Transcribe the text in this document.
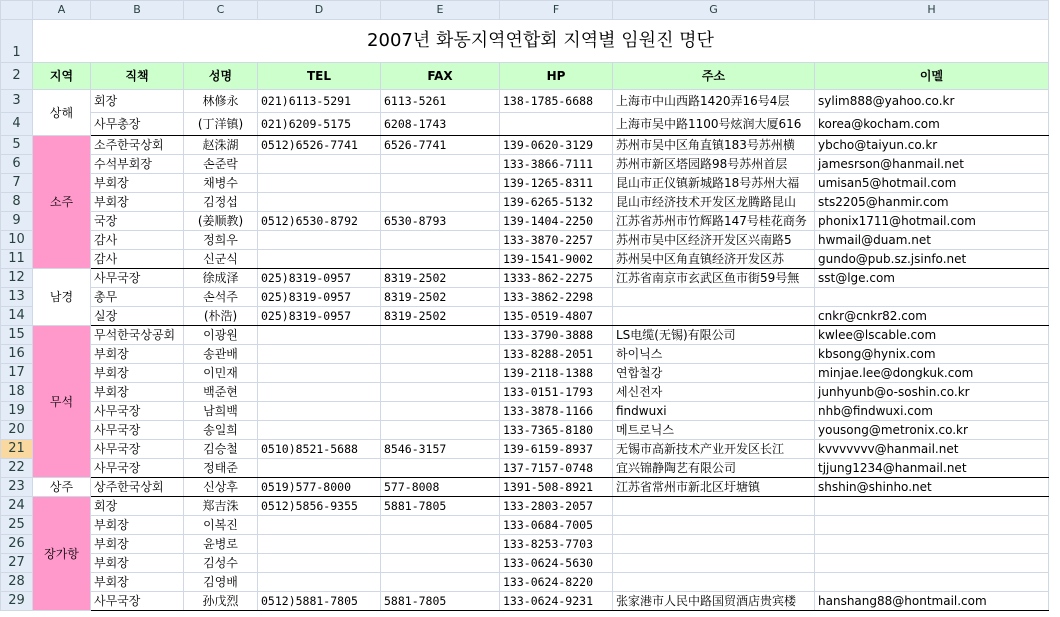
	A	B	C	D	E	F	G	H
1	2007년 화동지역연합회 지역별 임원진 명단							
2	지역	직책	성명	TEL	FAX	HP	주소	이멜
3	상해	회장	林修永	021)6113-5291	6113-5261	138-1785-6688	上海市中山西路1420弄16号4层	sylim888@yahoo.co.kr
4		사무총장	(丁洋镇)	021)6209-5175	6208-1743		上海市吴中路1100号炫润大厦616	korea@kocham.com
5	소주	소주한국상회	赵洙湖	0512)6526-7741	6526-7741	139-0620-3129	苏州市吴中区角直镇183号苏州横	ybcho@taiyun.co.kr
6		수석부회장	손준락			133-3866-7111	苏州市新区塔园路98号苏州首层	jamesrson@hanmail.net
7		부회장	채병수			139-1265-8311	昆山市正仪镇新城路18号苏州大福	umisan5@hotmail.com
8		부회장	김정섭			139-6265-5132	昆山市经济技术开发区龙腾路昆山	sts2205@hanmir.com
9		국장	(姜顺教)	0512)6530-8792	6530-8793	139-1404-2250	江苏省苏州市竹辉路147号桂花商务	phonix1711@hotmail.com
10		감사	정희우			133-3870-2257	苏州市吴中区经济开发区兴南路5	hwmail@duam.net
11		감사	신군식			139-1541-9002	苏州吴中区角直镇经济开发区苏	gundo@pub.sz.jsinfo.net
12	남경	사무국장	徐成泽	025)8319-0957	8319-2502	1333-862-2275	江苏省南京市玄武区鱼市街59号無	sst@lge.com
13		총무	손석주	025)8319-0957	8319-2502	133-3862-2298		
14		실장	(朴浩)	025)8319-0957	8319-2502	135-0519-4807		cnkr@cnkr82.com
15	무석	무석한국상공회	이광원			133-3790-3888	LS电缆(无锡)有限公司	kwlee@lscable.com
16		부회장	송관배			133-8288-2051	하이닉스	kbsong@hynix.com
17		부회장	이민재			139-2118-1388	연합철강	minjae.lee@dongkuk.com
18		부회장	백준현			133-0151-1793	세신전자	junhyunb@o-soshin.co.kr
19		사무국장	남희백			133-3878-1166	findwuxi	nhb@findwuxi.com
20		사무국장	송일희			133-7365-8180	메트로닉스	yousong@metronix.co.kr
21		사무국장	김승철	0510)8521-5688	8546-3157	139-6159-8937	无锡市高新技术产业开发区长江	kvvvvvvv@hanmail.net
22		사무국장	정태준			137-7157-0748	宜兴锦静陶艺有限公司	tjjung1234@hanmail.net
23	상주	상주한국상회	신상후	0519)577-8000	577-8008	1391-508-8921	江苏省常州市新北区圩塘镇	shshin@shinho.net
24	장가항	회장	郑吉洙	0512)5856-9355	5881-7805	133-2803-2057		
25		부회장	이복진			133-0684-7005		
26		부회장	윤병로			133-8253-7703		
27		부회장	김성수			133-0624-5630		
28		부회장	김영배			133-0624-8220		
29		사무국장	孙戊烈	0512)5881-7805	5881-7805	133-0624-9231	张家港市人民中路国贸酒店贵宾楼	hanshang88@hontmail.com
